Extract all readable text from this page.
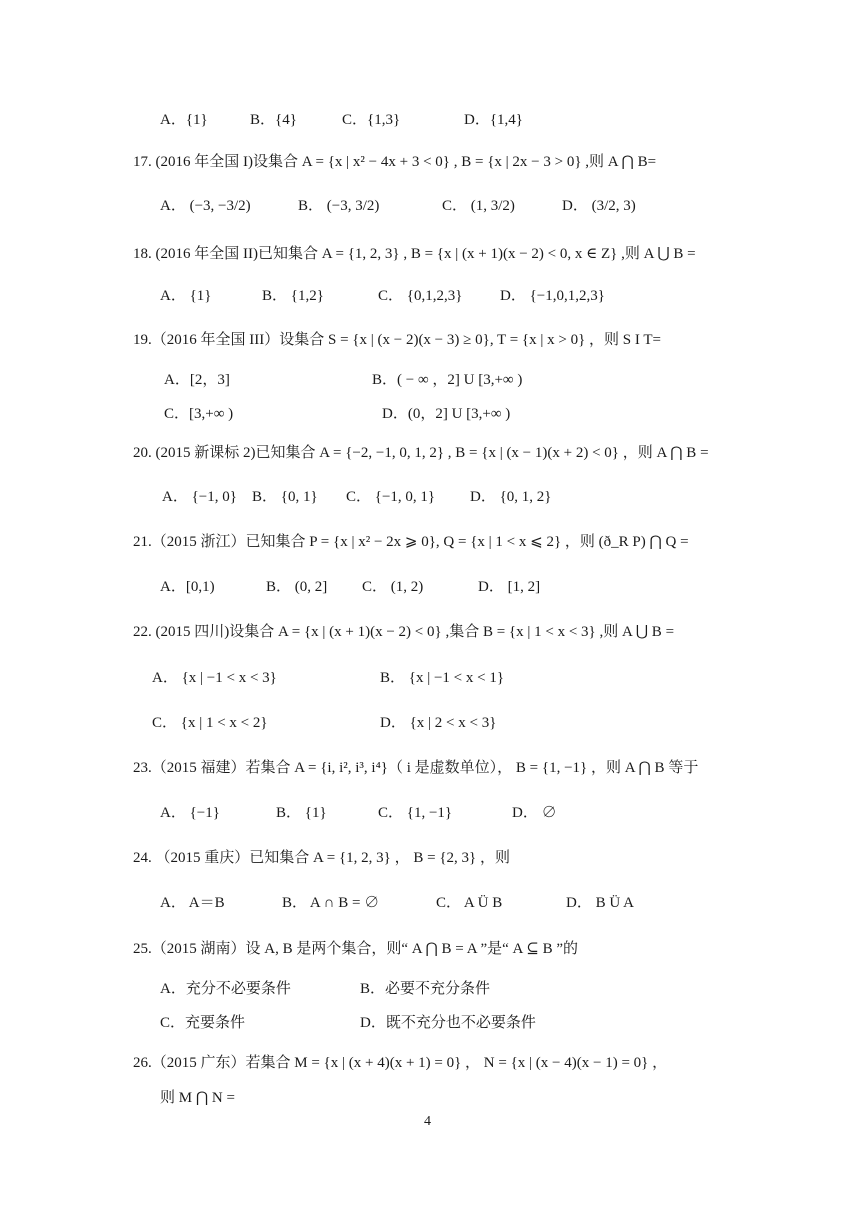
A．{1}	B．{4}	C．{1,3}	D．{1,4}
17. (2016 年全国 I)设集合 A = {x | x² − 4x + 3 < 0} , B = {x | 2x − 3 > 0} ,则 A ⋂ B=
A． (−3, −3/2)	B． (−3, 3/2)	C． (1, 3/2)	D． (3/2, 3)
18. (2016 年全国 II)已知集合 A = {1, 2, 3} , B = {x | (x + 1)(x − 2) < 0, x ∈ Z} ,则 A ⋃ B =
A． {1}	B． {1,2}	C． {0,1,2,3}	D． {−1,0,1,2,3}
19.（2016 年全国 III）设集合 S = {x | (x − 2)(x − 3) ≥ 0}, T = {x | x > 0} ，则 S I T=
A．[2，3]	B．( − ∞ ，2] U [3,+∞ )
C．[3,+∞ )	D．(0，2] U [3,+∞ )
20. (2015 新课标 2)已知集合 A = {−2, −1, 0, 1, 2} , B = {x | (x − 1)(x + 2) < 0} ，则 A ⋂ B =
A． {−1, 0} B． {0, 1} C． {−1, 0, 1} D． {0, 1, 2}
21.（2015 浙江）已知集合 P = {x | x² − 2x ⩾ 0}, Q = {x | 1 < x ⩽ 2} ，则 (ð_R P) ⋂ Q =
A．[0,1)	B． (0, 2] C． (1, 2)	D． [1, 2]
22. (2015 四川)设集合 A = {x | (x + 1)(x − 2) < 0} ,集合 B = {x | 1 < x < 3} ,则 A ⋃ B =
A． {x | −1 < x < 3}	B． {x | −1 < x < 1}
C． {x | 1 < x < 2}	D． {x | 2 < x < 3}
23.（2015 福建）若集合 A = {i, i², i³, i⁴}（ i 是虚数单位）， B = {1, −1} ，则 A ⋂ B 等于
A． {−1}	B． {1}	C． {1, −1}	D． ∅
24. （2015 重庆）已知集合 A = {1, 2, 3} ， B = {2, 3} ，则
A． A＝B	B． A ∩ B = ∅	C． A Ü B	D． B Ü A
25.（2015 湖南）设 A, B 是两个集合，则“ A ⋂ B = A ”是“ A ⊆ B ”的
A．充分不必要条件	B．必要不充分条件
C．充要条件	D．既不充分也不必要条件
26.（2015 广东）若集合 M = {x | (x + 4)(x + 1) = 0} ， N = {x | (x − 4)(x − 1) = 0} ，
则 M ⋂ N =
4
